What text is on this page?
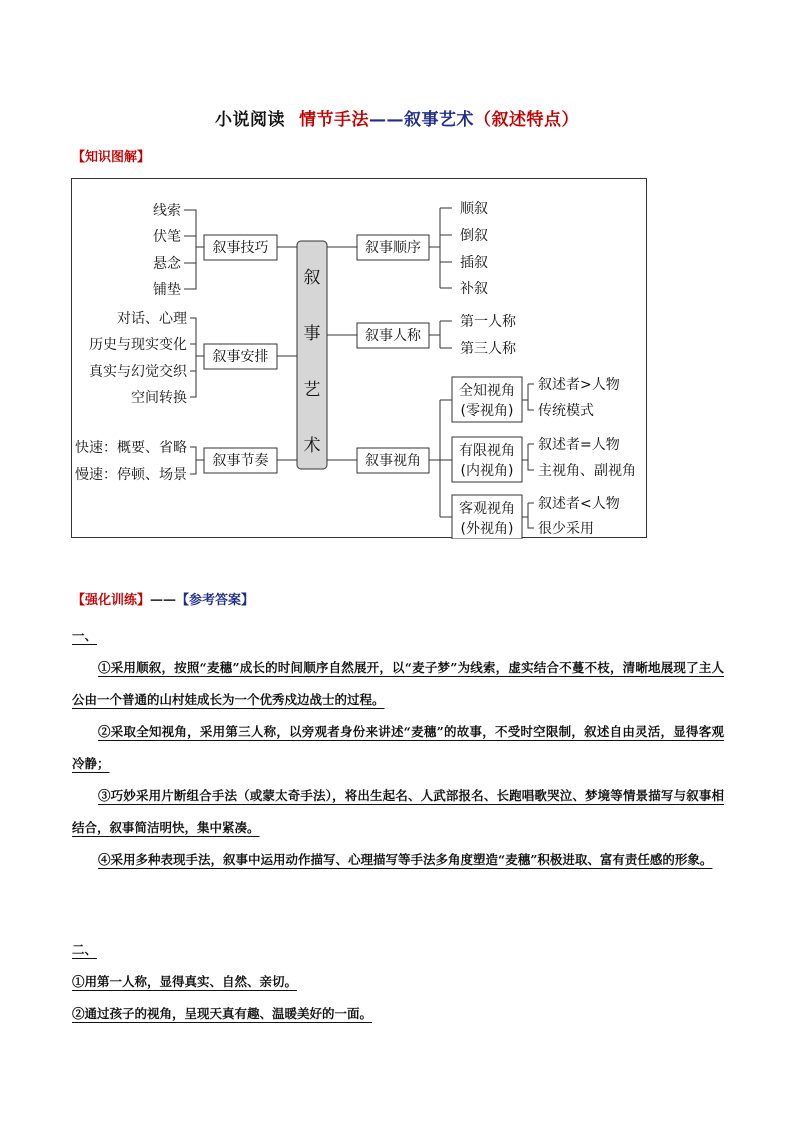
小说阅读 情节手法——叙事艺术（叙述特点）
【知识图解】
叙
事
艺
术
叙事技巧
叙事安排
叙事节奏
线索
伏笔
悬念
铺垫
对话、心理
历史与现实变化
真实与幻觉交织
空间转换
快速：概要、省略
慢速：停顿、场景
叙事顺序
叙事人称
叙事视角
顺叙
倒叙
插叙
补叙
第一人称
第三人称
全知视角
(零视角)
有限视角
(内视角)
客观视角
(外视角)
叙述者>人物
传统模式
叙述者=人物
主视角、副视角
叙述者<人物
很少采用
【强化训练】——【参考答案】

一、

①采用顺叙，按照“麦穗”成长的时间顺序自然展开，以“麦子梦”为线索，虚实结合不蔓不枝，清晰地展现了主人公由一个普通的山村娃成长为一个优秀戍边战士的过程。

②采取全知视角，采用第三人称，以旁观者身份来讲述“麦穗”的故事，不受时空限制，叙述自由灵活，显得客观冷静；

③巧妙采用片断组合手法（或蒙太奇手法），将出生起名、人武部报名、长跑唱歌哭泣、梦境等情景描写与叙事相结合，叙事简洁明快，集中紧凑。

④采用多种表现手法，叙事中运用动作描写、心理描写等手法多角度塑造“麦穗”积极进取、富有责任感的形象。

二、

①用第一人称，显得真实、自然、亲切。

②通过孩子的视角，呈现天真有趣、温暖美好的一面。
